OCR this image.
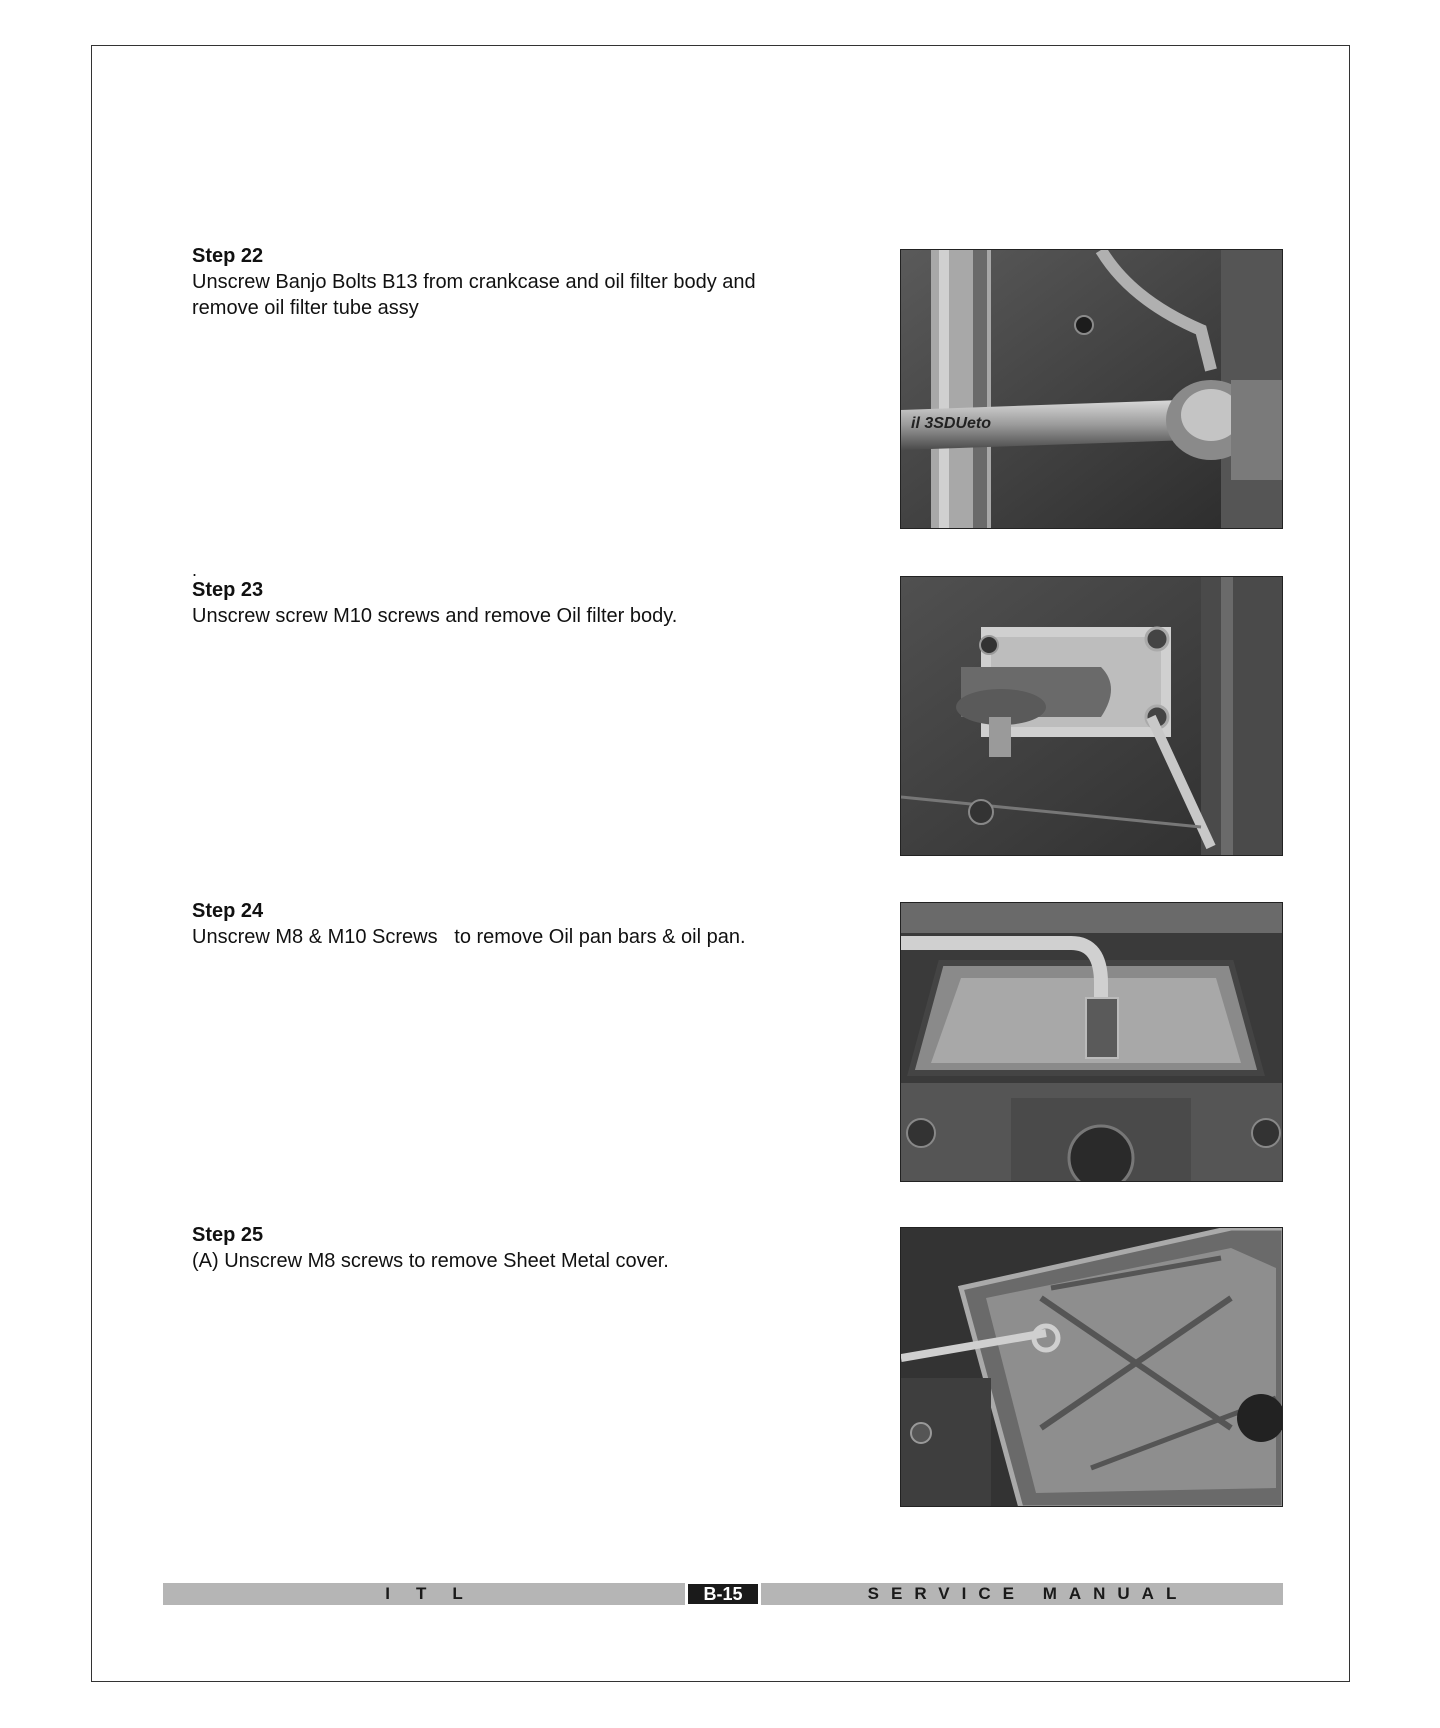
Step 22
Unscrew Banjo Bolts B13 from crankcase and oil filter body and
remove oil filter tube assy
il 3SDUeto
.
Step 23
Unscrew screw M10 screws and remove Oil filter body.
Step 24
Unscrew M8 & M10 Screws   to remove Oil pan bars & oil pan.
Step 25
(A) Unscrew M8 screws to remove Sheet Metal cover.
ITL	B-15	SERVICE MANUAL
